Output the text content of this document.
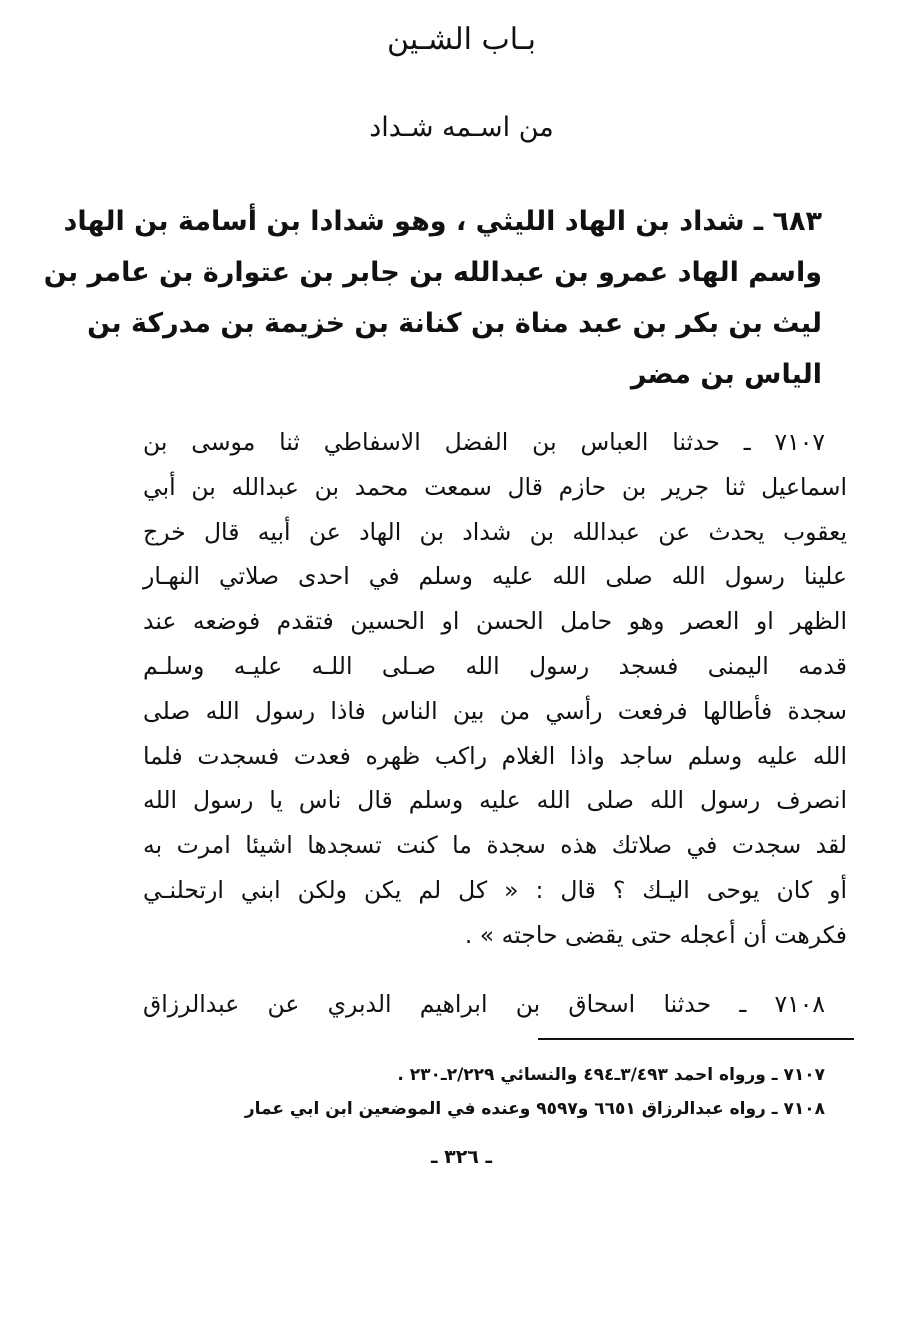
بـاب الشـين
من اسـمه شـداد
٦٨٣ ـ شداد بن الهاد الليثي ، وهو شدادا بن أسامة بن الهاد
واسم الهاد عمرو بن عبدالله بن جابر بن عتوارة بن عامر بن
ليث بن بكر بن عبد مناة بن كنانة بن خزيمة بن مدركة بن
الياس بن مضر
٧١٠٧ ـ حدثنا العباس بن الفضل الاسفاطي ثنا موسى بن
اسماعيل ثنا جرير بن حازم قال سمعت محمد بن عبدالله بن أبي
يعقوب يحدث عن عبدالله بن شداد بن الهاد عن أبيه قال خرج
علينا رسول الله صلى الله عليه وسلم في احدى صلاتي النهـار
الظهر او العصر وهو حامل الحسن او الحسين فتقدم فوضعه عند
قدمه اليمنى فسجد رسول الله صـلى اللـه عليـه وسلـم
سجدة فأطالها فرفعت رأسي من بين الناس فاذا رسول الله صلى
الله عليه وسلم ساجد واذا الغلام راكب ظهره فعدت فسجدت فلما
انصرف رسول الله صلى الله عليه وسلم قال ناس يا رسول الله
لقد سجدت في صلاتك هذه سجدة ما كنت تسجدها اشيئا امرت به
أو كان يوحى اليـك ؟ قال : « كل لم يكن ولكن ابني ارتحلنـي
فكرهت أن أعجله حتى يقضى حاجته » .
٧١٠٨ ـ حدثنا اسحاق بن ابراهيم الدبري عن عبدالرزاق
٧١٠٧ ـ ورواه احمد ٣/٤٩٣ـ٤٩٤ والنسائي ٢/٢٢٩ـ٢٣٠ .
٧١٠٨ ـ رواه عبدالرزاق ٦٦٥١ و٩٥٩٧ وعنده في الموضعين ابن ابي عمار
ـ ٣٢٦ ـ
